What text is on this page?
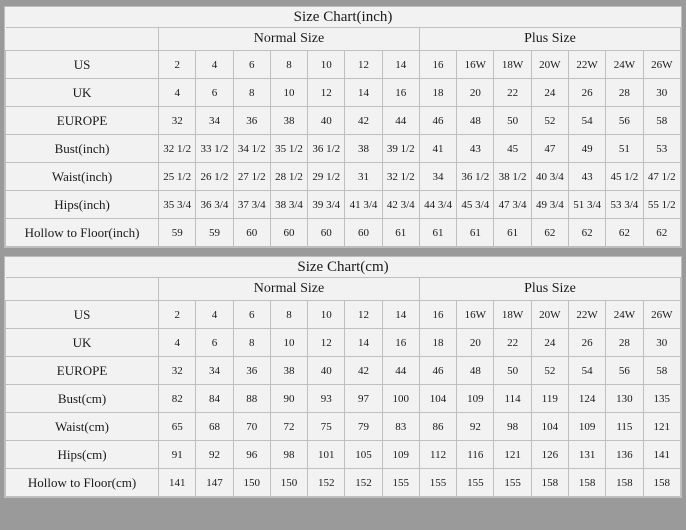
Size Chart(inch)														
	Normal Size							Plus Size						
US	2	4	6	8	10	12	14	16	16W	18W	20W	22W	24W	26W
UK	4	6	8	10	12	14	16	18	20	22	24	26	28	30
EUROPE	32	34	36	38	40	42	44	46	48	50	52	54	56	58
Bust(inch)	32 1/2	33 1/2	34 1/2	35 1/2	36 1/2	38	39 1/2	41	43	45	47	49	51	53
Waist(inch)	25 1/2	26 1/2	27 1/2	28 1/2	29 1/2	31	32 1/2	34	36 1/2	38 1/2	40 3/4	43	45 1/2	47 1/2
Hips(inch)	35 3/4	36 3/4	37 3/4	38 3/4	39 3/4	41 3/4	42 3/4	44 3/4	45 3/4	47 3/4	49 3/4	51 3/4	53 3/4	55 1/2
Hollow to Floor(inch)	59	59	60	60	60	60	61	61	61	61	62	62	62	62
Size Chart(cm)														
	Normal Size							Plus Size						
US	2	4	6	8	10	12	14	16	16W	18W	20W	22W	24W	26W
UK	4	6	8	10	12	14	16	18	20	22	24	26	28	30
EUROPE	32	34	36	38	40	42	44	46	48	50	52	54	56	58
Bust(cm)	82	84	88	90	93	97	100	104	109	114	119	124	130	135
Waist(cm)	65	68	70	72	75	79	83	86	92	98	104	109	115	121
Hips(cm)	91	92	96	98	101	105	109	112	116	121	126	131	136	141
Hollow to Floor(cm)	141	147	150	150	152	152	155	155	155	155	158	158	158	158
